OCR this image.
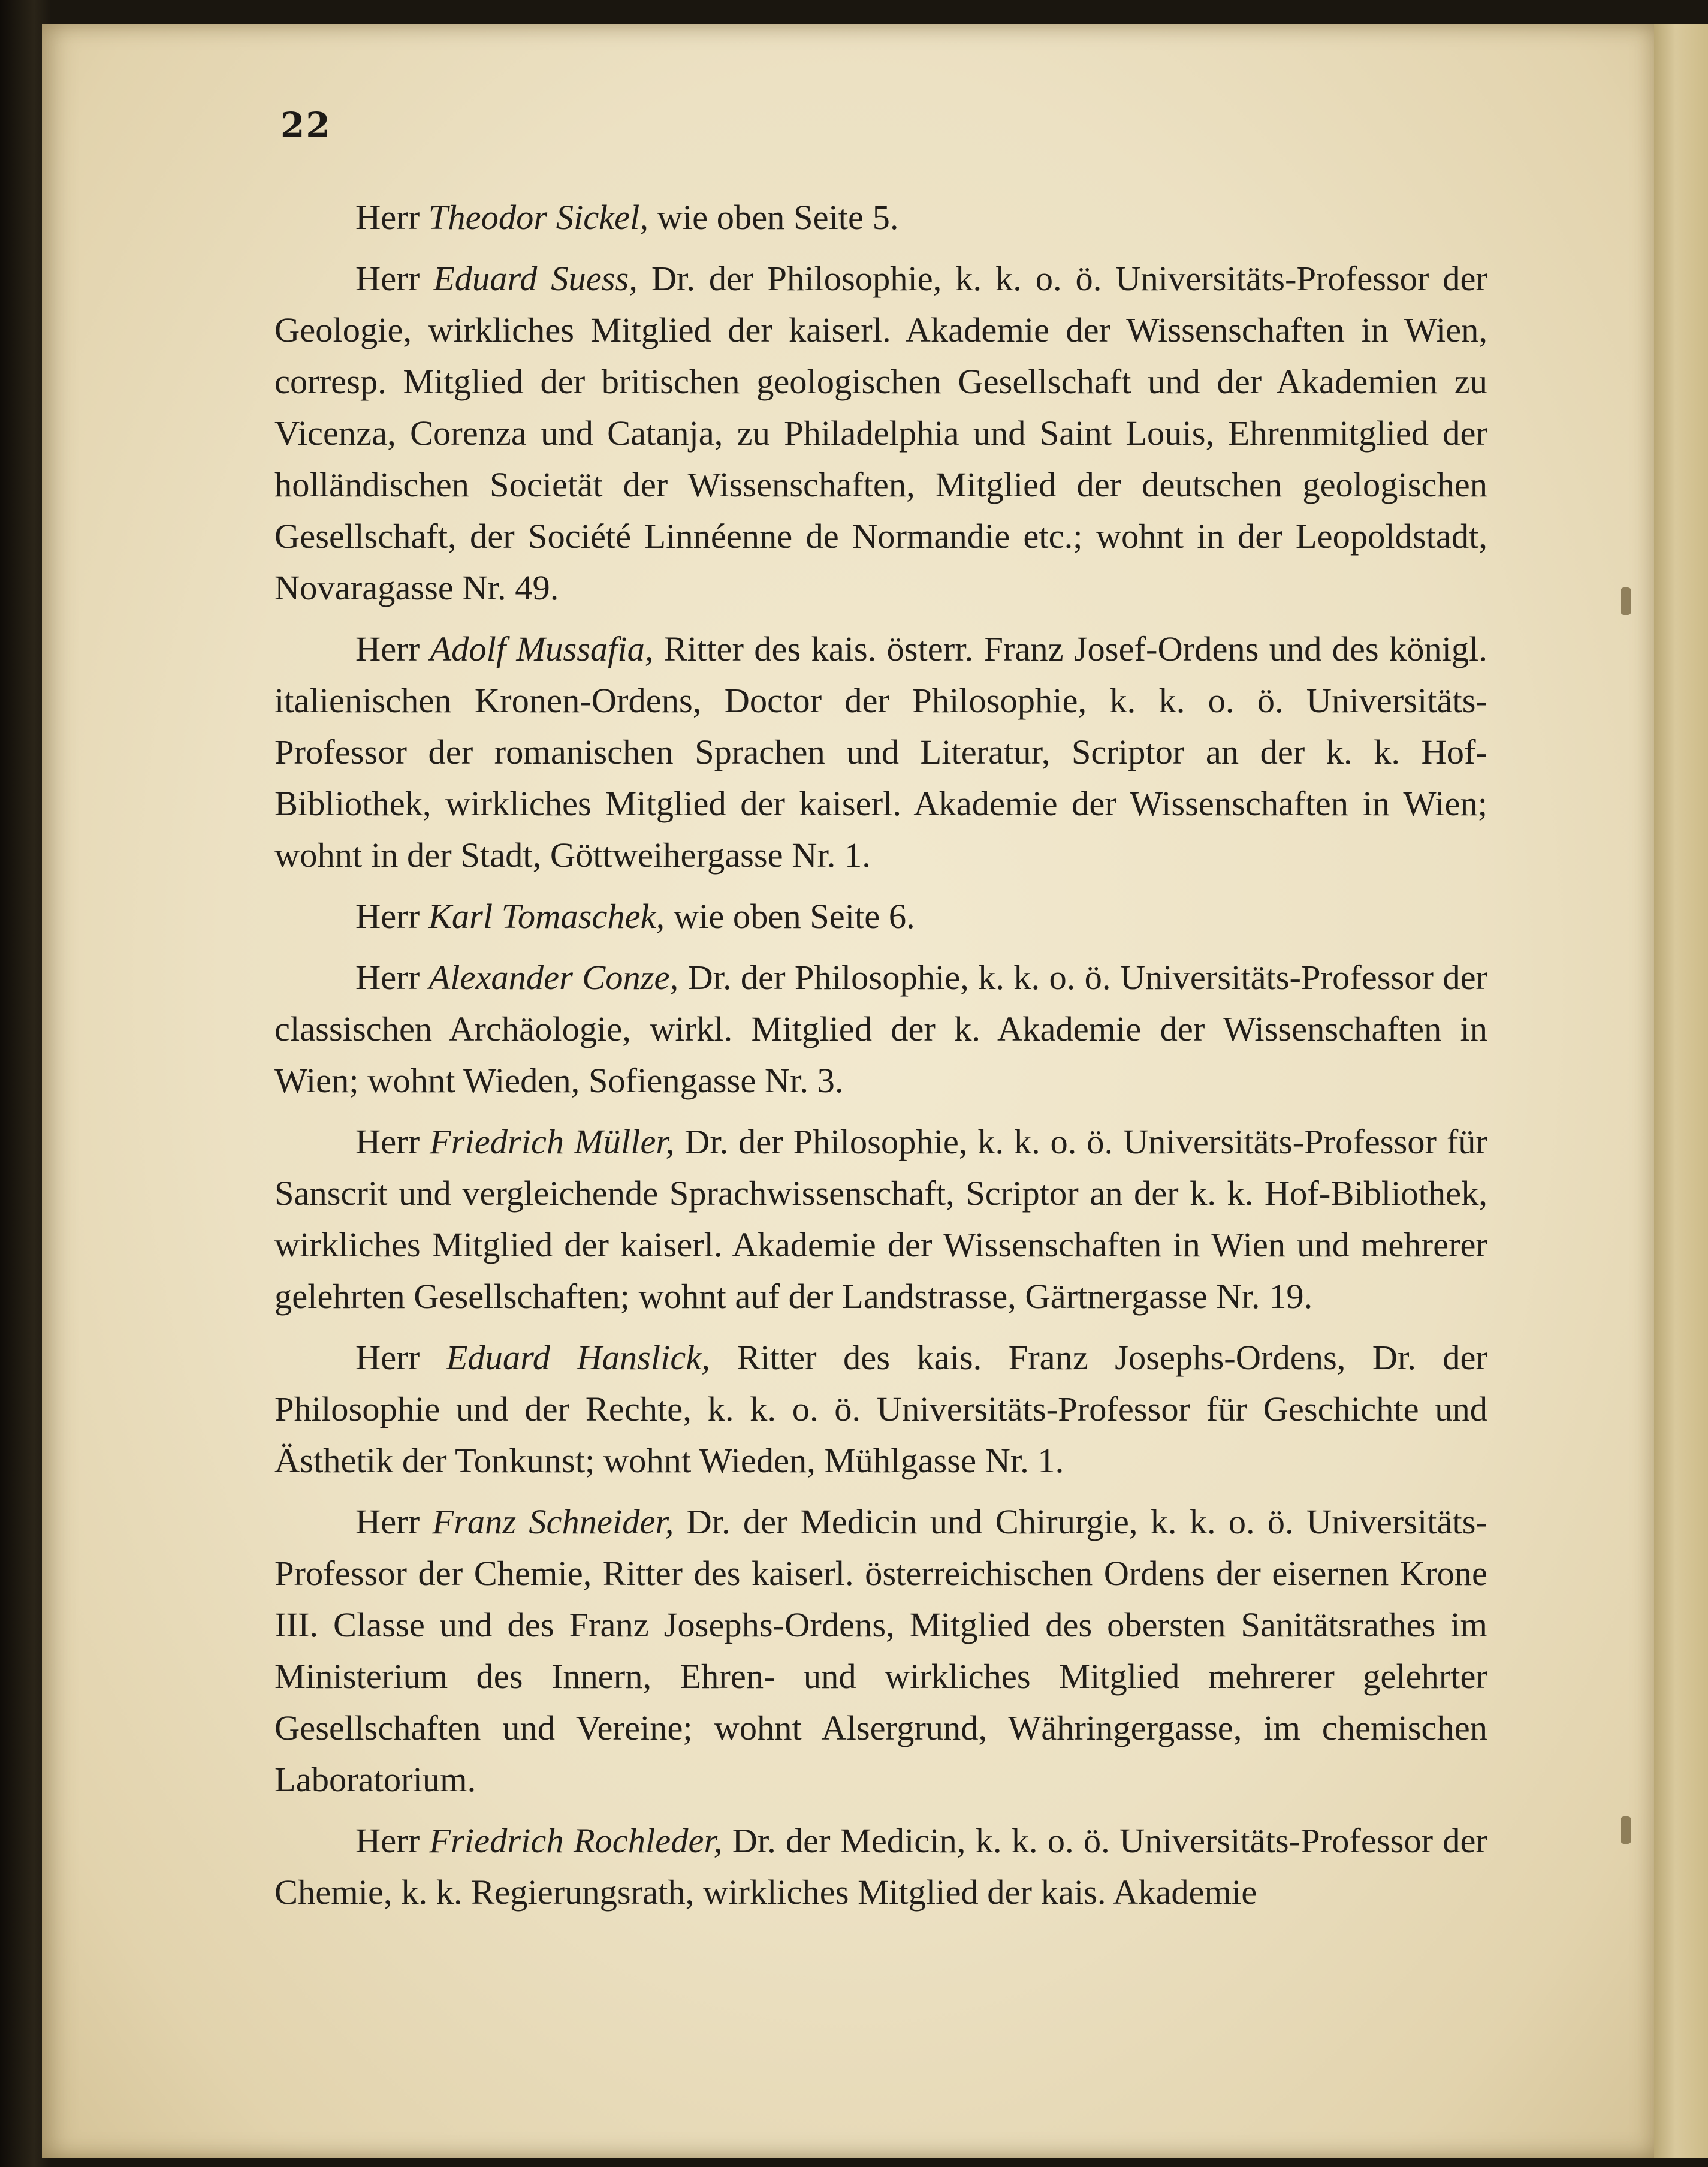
22

Herr Theodor Sickel, wie oben Seite 5.

Herr Eduard Suess, Dr. der Philosophie, k. k. o. ö. Universitäts-Professor der Geologie, wirkliches Mitglied der kaiserl. Akademie der Wissenschaften in Wien, corresp. Mitglied der britischen geologischen Gesellschaft und der Akademien zu Vicenza, Corenza und Catanja, zu Philadelphia und Saint Louis, Ehrenmitglied der holländischen Societät der Wissenschaften, Mitglied der deutschen geologischen Gesellschaft, der Société Linnéenne de Normandie etc.; wohnt in der Leopoldstadt, Novaragasse Nr. 49.

Herr Adolf Mussafia, Ritter des kais. österr. Franz Josef-Ordens und des königl. italienischen Kronen-Ordens, Doctor der Philosophie, k. k. o. ö. Universitäts-Professor der romanischen Sprachen und Literatur, Scriptor an der k. k. Hof-Bibliothek, wirkliches Mitglied der kaiserl. Akademie der Wissenschaften in Wien; wohnt in der Stadt, Göttweihergasse Nr. 1.

Herr Karl Tomaschek, wie oben Seite 6.

Herr Alexander Conze, Dr. der Philosophie, k. k. o. ö. Universitäts-Professor der classischen Archäologie, wirkl. Mitglied der k. Akademie der Wissenschaften in Wien; wohnt Wieden, Sofiengasse Nr. 3.

Herr Friedrich Müller, Dr. der Philosophie, k. k. o. ö. Universitäts-Professor für Sanscrit und vergleichende Sprachwissenschaft, Scriptor an der k. k. Hof-Bibliothek, wirkliches Mitglied der kaiserl. Akademie der Wissenschaften in Wien und mehrerer gelehrten Gesellschaften; wohnt auf der Landstrasse, Gärtnergasse Nr. 19.

Herr Eduard Hanslick, Ritter des kais. Franz Josephs-Ordens, Dr. der Philosophie und der Rechte, k. k. o. ö. Universitäts-Professor für Geschichte und Ästhetik der Tonkunst; wohnt Wieden, Mühlgasse Nr. 1.

Herr Franz Schneider, Dr. der Medicin und Chirurgie, k. k. o. ö. Universitäts-Professor der Chemie, Ritter des kaiserl. österreichischen Ordens der eisernen Krone III. Classe und des Franz Josephs-Ordens, Mitglied des obersten Sanitätsrathes im Ministerium des Innern, Ehren- und wirkliches Mitglied mehrerer gelehrter Gesellschaften und Vereine; wohnt Alsergrund, Währingergasse, im chemischen Laboratorium.

Herr Friedrich Rochleder, Dr. der Medicin, k. k. o. ö. Universitäts-Professor der Chemie, k. k. Regierungsrath, wirkliches Mitglied der kais. Akademie
